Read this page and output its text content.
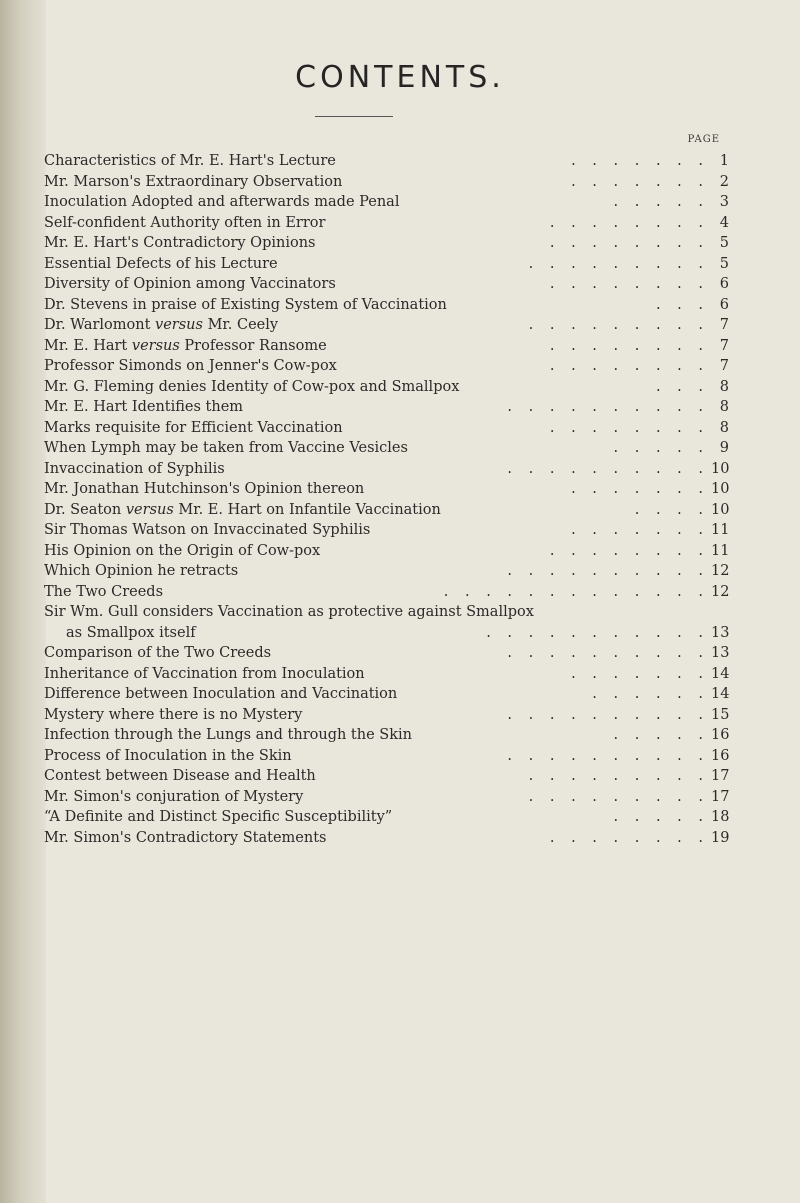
CONTENTS.
PAGE
Characteristics of Mr. E. Hart's Lecture	. . . . . . . 1
Mr. Marson's Extraordinary Observation	. . . . . . . 2
Inoculation Adopted and afterwards made Penal	. . . . . 3
Self-confident Authority often in Error	. . . . . . . . 4
Mr. E. Hart's Contradictory Opinions	. . . . . . . . 5
Essential Defects of his Lecture	. . . . . . . . . 5
Diversity of Opinion among Vaccinators	. . . . . . . . 6
Dr. Stevens in praise of Existing System of Vaccination	. . . 6
Dr. Warlomont versus Mr. Ceely	. . . . . . . . . 7
Mr. E. Hart versus Professor Ransome	. . . . . . . . 7
Professor Simonds on Jenner's Cow-pox	. . . . . . . . 7
Mr. G. Fleming denies Identity of Cow-pox and Smallpox	. . . 8
Mr. E. Hart Identifies them	. . . . . . . . . . 8
Marks requisite for Efficient Vaccination	. . . . . . . . 8
When Lymph may be taken from Vaccine Vesicles	. . . . . 9
Invaccination of Syphilis	. . . . . . . . . . 10
Mr. Jonathan Hutchinson's Opinion thereon	. . . . . . . 10
Dr. Seaton versus Mr. E. Hart on Infantile Vaccination	. . . . 10
Sir Thomas Watson on Invaccinated Syphilis	. . . . . . . 11
His Opinion on the Origin of Cow-pox	. . . . . . . . 11
Which Opinion he retracts	. . . . . . . . . . 12
The Two Creeds	. . . . . . . . . . . . . 12
Sir Wm. Gull considers Vaccination as protective against Smallpox
as Smallpox itself	. . . . . . . . . . . 13
Comparison of the Two Creeds	. . . . . . . . . . 13
Inheritance of Vaccination from Inoculation	. . . . . . . 14
Difference between Inoculation and Vaccination	. . . . . . 14
Mystery where there is no Mystery	. . . . . . . . . . 15
Infection through the Lungs and through the Skin	. . . . . 16
Process of Inoculation in the Skin	. . . . . . . . . . 16
Contest between Disease and Health	. . . . . . . . . 17
Mr. Simon's conjuration of Mystery	. . . . . . . . . 17
“A Definite and Distinct Specific Susceptibility”	. . . . . 18
Mr. Simon's Contradictory Statements	. . . . . . . . 19
